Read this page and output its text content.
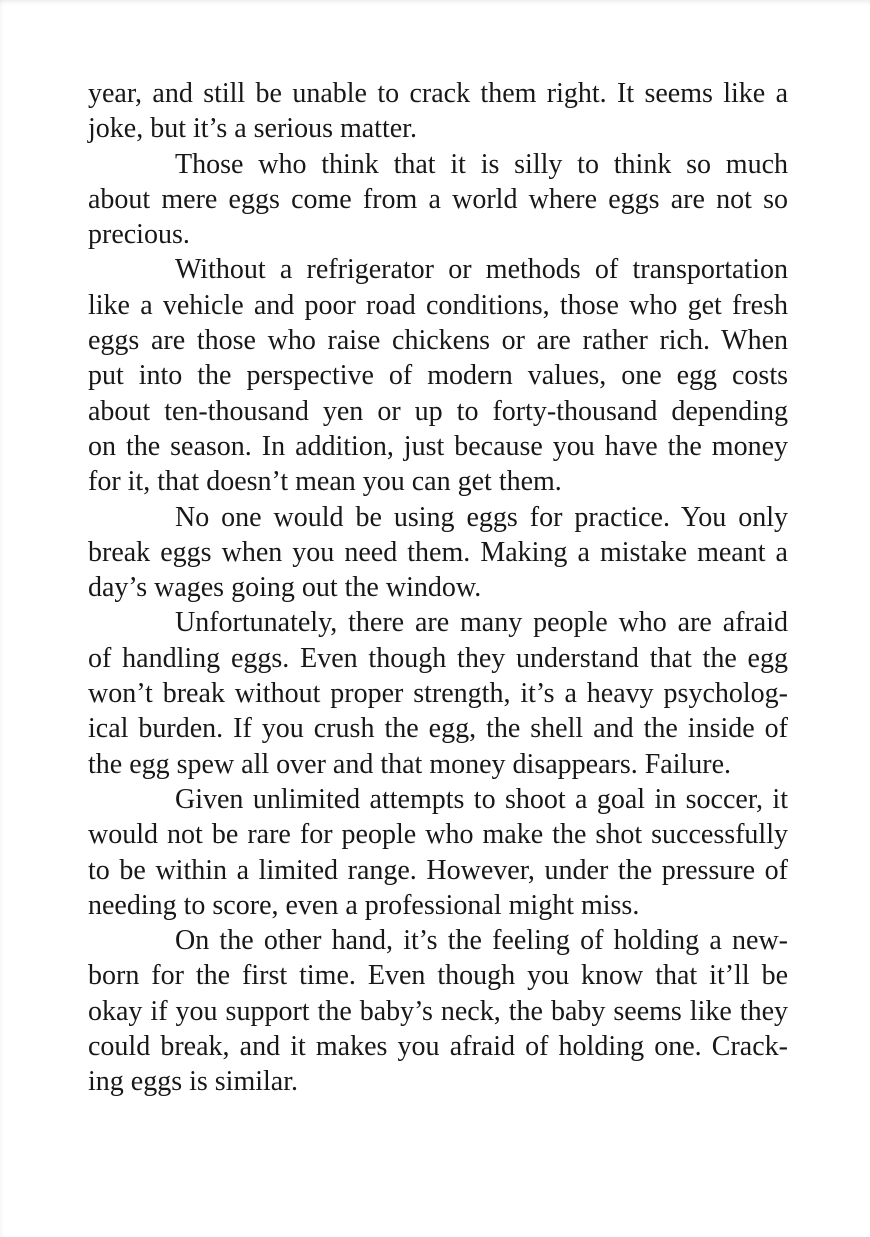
year, and still be unable to crack them right. It seems like a
joke, but it’s a serious matter.
Those who think that it is silly to think so much
about mere eggs come from a world where eggs are not so
precious.
Without a refrigerator or methods of transportation
like a vehicle and poor road conditions, those who get fresh
eggs are those who raise chickens or are rather rich. When
put into the perspective of modern values, one egg costs
about ten-thousand yen or up to forty-thousand depending
on the season. In addition, just because you have the money
for it, that doesn’t mean you can get them.
No one would be using eggs for practice. You only
break eggs when you need them. Making a mistake meant a
day’s wages going out the window.
Unfortunately, there are many people who are afraid
of handling eggs. Even though they understand that the egg
won’t break without proper strength, it’s a heavy psycholog-
ical burden. If you crush the egg, the shell and the inside of
the egg spew all over and that money disappears. Failure.
Given unlimited attempts to shoot a goal in soccer, it
would not be rare for people who make the shot successfully
to be within a limited range. However, under the pressure of
needing to score, even a professional might miss.
On the other hand, it’s the feeling of holding a new-
born for the first time. Even though you know that it’ll be
okay if you support the baby’s neck, the baby seems like they
could break, and it makes you afraid of holding one. Crack-
ing eggs is similar.
